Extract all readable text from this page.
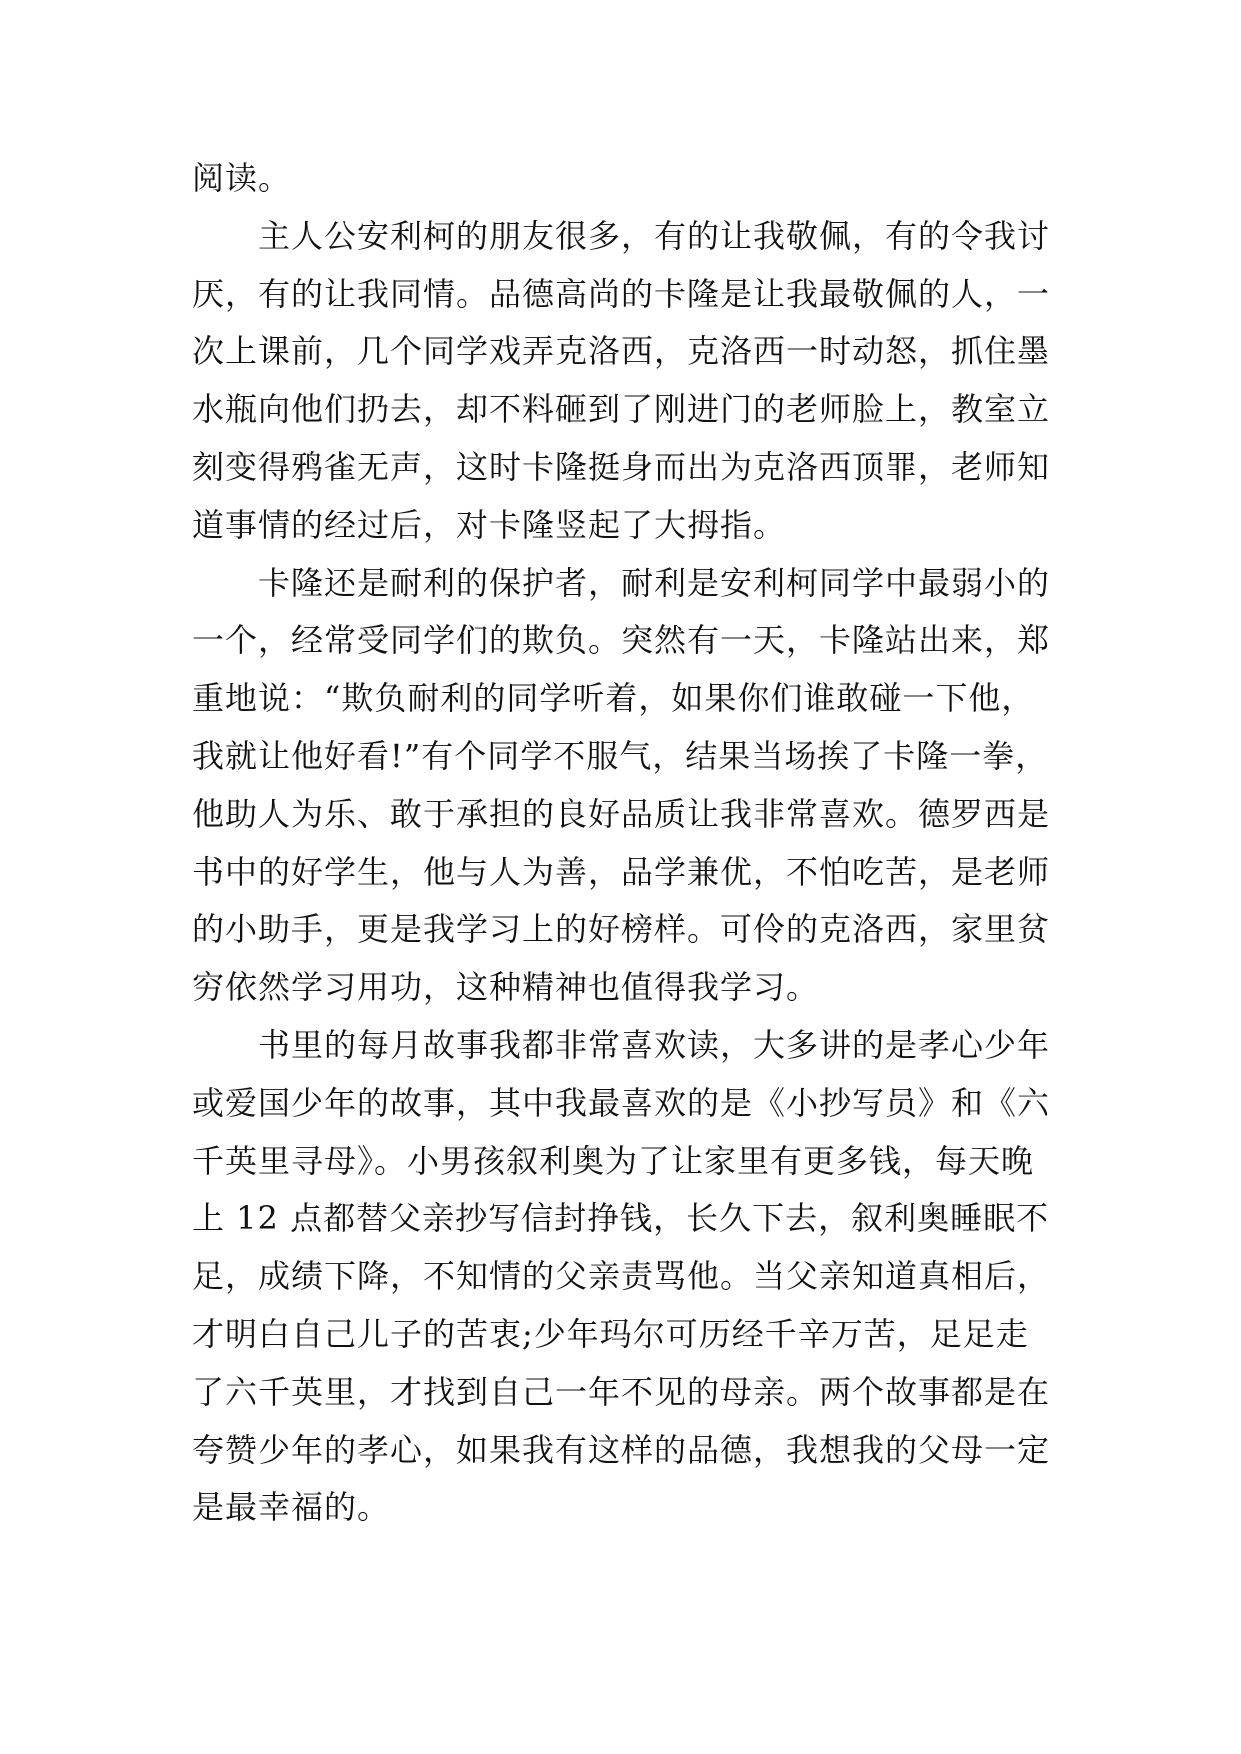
阅读。
主人公安利柯的朋友很多，有的让我敬佩，有的令我讨
厌，有的让我同情。品德高尚的卡隆是让我最敬佩的人，一
次上课前，几个同学戏弄克洛西，克洛西一时动怒，抓住墨
水瓶向他们扔去，却不料砸到了刚进门的老师脸上，教室立
刻变得鸦雀无声，这时卡隆挺身而出为克洛西顶罪，老师知
道事情的经过后，对卡隆竖起了大拇指。
卡隆还是耐利的保护者，耐利是安利柯同学中最弱小的
一个，经常受同学们的欺负。突然有一天，卡隆站出来，郑
重地说：“欺负耐利的同学听着，如果你们谁敢碰一下他，
我就让他好看!”有个同学不服气，结果当场挨了卡隆一拳，
他助人为乐、敢于承担的良好品质让我非常喜欢。德罗西是
书中的好学生，他与人为善，品学兼优，不怕吃苦，是老师
的小助手，更是我学习上的好榜样。可伶的克洛西，家里贫
穷依然学习用功，这种精神也值得我学习。
书里的每月故事我都非常喜欢读，大多讲的是孝心少年
或爱国少年的故事，其中我最喜欢的是《小抄写员》和《六
千英里寻母》。小男孩叙利奥为了让家里有更多钱，每天晚
上 12 点都替父亲抄写信封挣钱，长久下去，叙利奥睡眠不
足，成绩下降，不知情的父亲责骂他。当父亲知道真相后，
才明白自己儿子的苦衷;少年玛尔可历经千辛万苦，足足走
了六千英里，才找到自己一年不见的母亲。两个故事都是在
夸赞少年的孝心，如果我有这样的品德，我想我的父母一定
是最幸福的。
